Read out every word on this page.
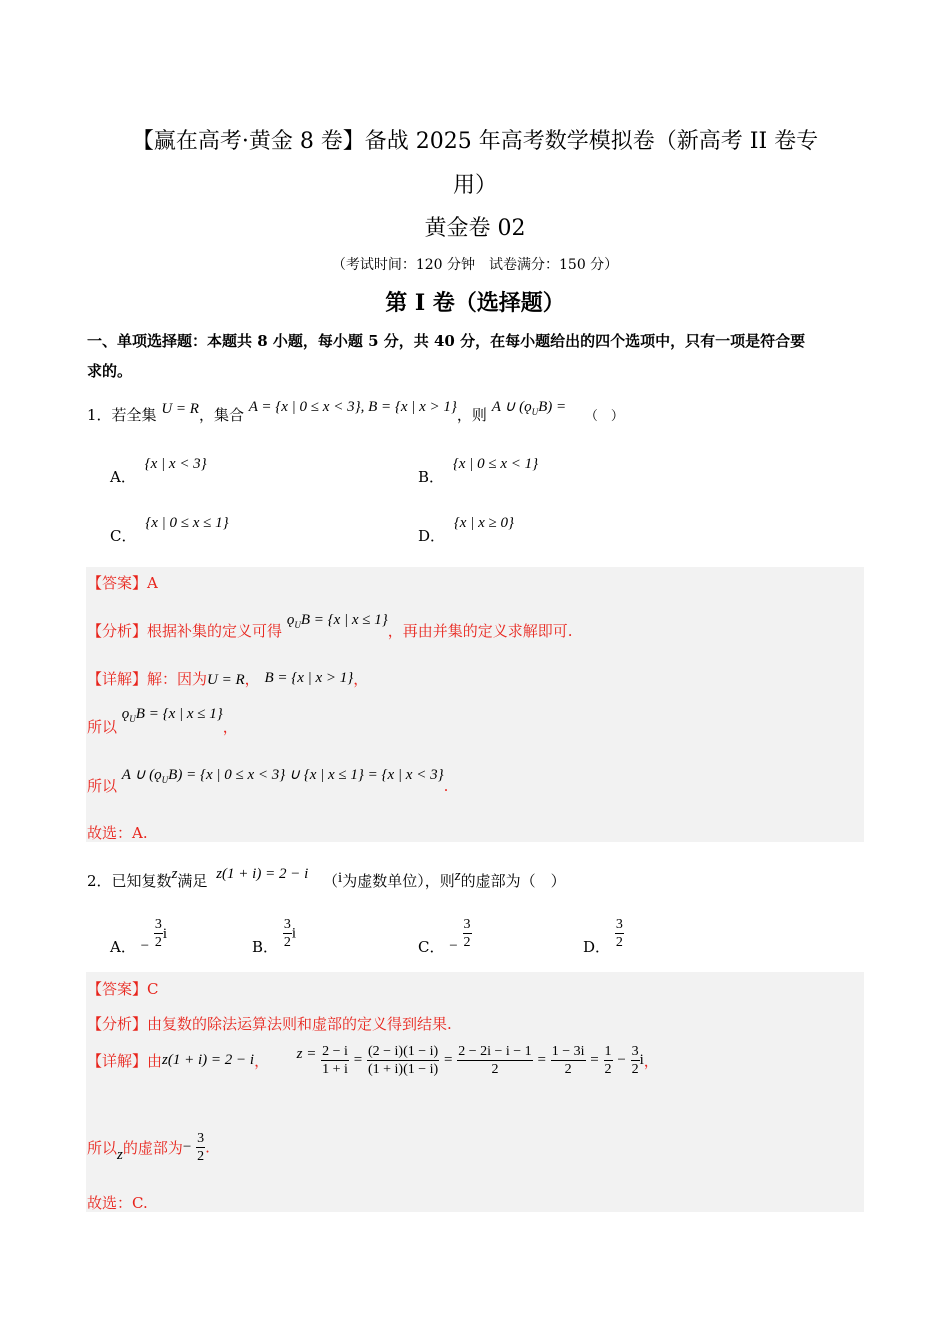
【赢在高考·黄金 8 卷】备战 2025 年高考数学模拟卷（新高考 II 卷专
用）
黄金卷 02
（考试时间：120 分钟　试卷满分：150 分）
第 I 卷（选择题）
一、单项选择题：本题共 8 小题，每小题 5 分，共 40 分，在每小题给出的四个选项中，只有一项是符合要
求的。
1．若全集 U = R，集合 A = {x | 0 ≤ x < 3}, B = {x | x > 1}，则 A ∪ $(ǫ_UB)$ = （　）
A． {x | x < 3}
B． {x | 0 ≤ x < 1}
C． {x | 0 ≤ x ≤ 1}
D． {x | x ≥ 0}
【答案】A
【分析】根据补集的定义可得 $ǫ_UB = \{x$ | x ≤ 1}，再由并集的定义求解即可.
【详解】解：因为U = R， B = {x | x > 1}，
所以 $ǫ_UB = \{x$ | x ≤ 1}，
所以 A ∪ $(ǫ_UB) = \{x$ | 0 ≤ x < 3} ∪ {x | x ≤ 1} = {x | x < 3}.
故选：A.
2．已知复数z满足 z(1 + i) = 2 − i （i为虚数单位），则z的虚部为（　）
A． − $\frac{3}{2}$ i
B． $\frac{3}{2}$ i
C． − $\frac{3}{2}$	D． $\frac{3}{2}$
【答案】C
【分析】由复数的除法运算法则和虚部的定义得到结果.
【详解】由z(1 + i) = 2 − i， $z = \frac{2 - i}{1 + i} = \frac{(2 - i)(1 - i)}{(1 + i)(1 - i)} = \frac{2 - 2i - i - 1}{2} = \frac{1 - 3i}{2} = \frac{1}{2} - \frac{3}{2}$ i，
所以z的虚部为− $\frac{3}{2}$ .
故选：C.
